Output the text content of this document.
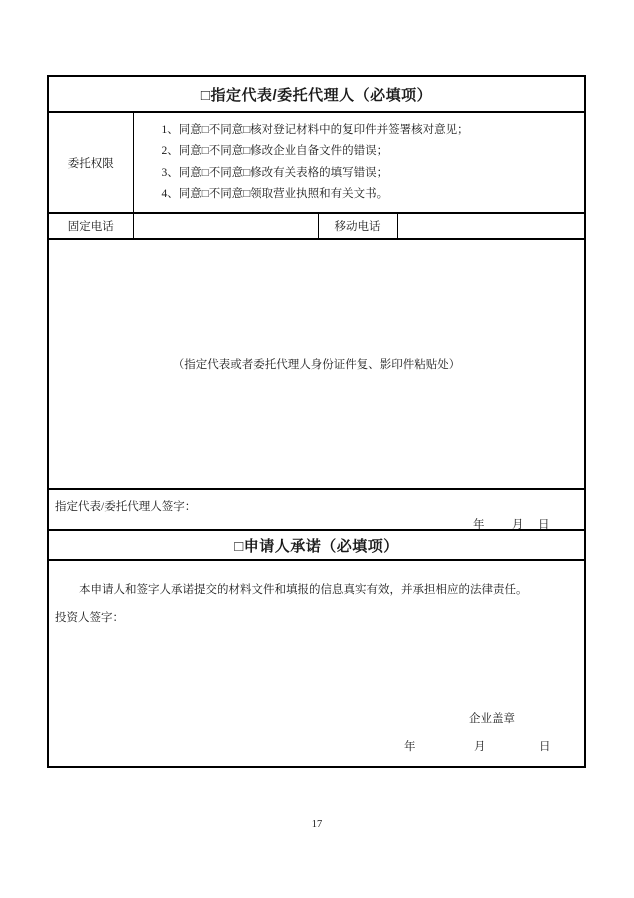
□指定代表/委托代理人（必填项）			
委托权限	1、同意□不同意□核对登记材料中的复印件并签署核对意见；
2、同意□不同意□修改企业自备文件的错误；
3、同意□不同意□修改有关表格的填写错误；
4、同意□不同意□领取营业执照和有关文书。		

固定电话		移动电话	
（指定代表或者委托代理人身份证件复、影印件粘贴处）			

指定代表/委托代理人签字：
年 月 日			

□申请人承诺（必填项）			

本申请人和签字人承诺提交的材料文件和填报的信息真实有效，并承担相应的法律责任。
投资人签字：
企业盖章
年	月	日
17
